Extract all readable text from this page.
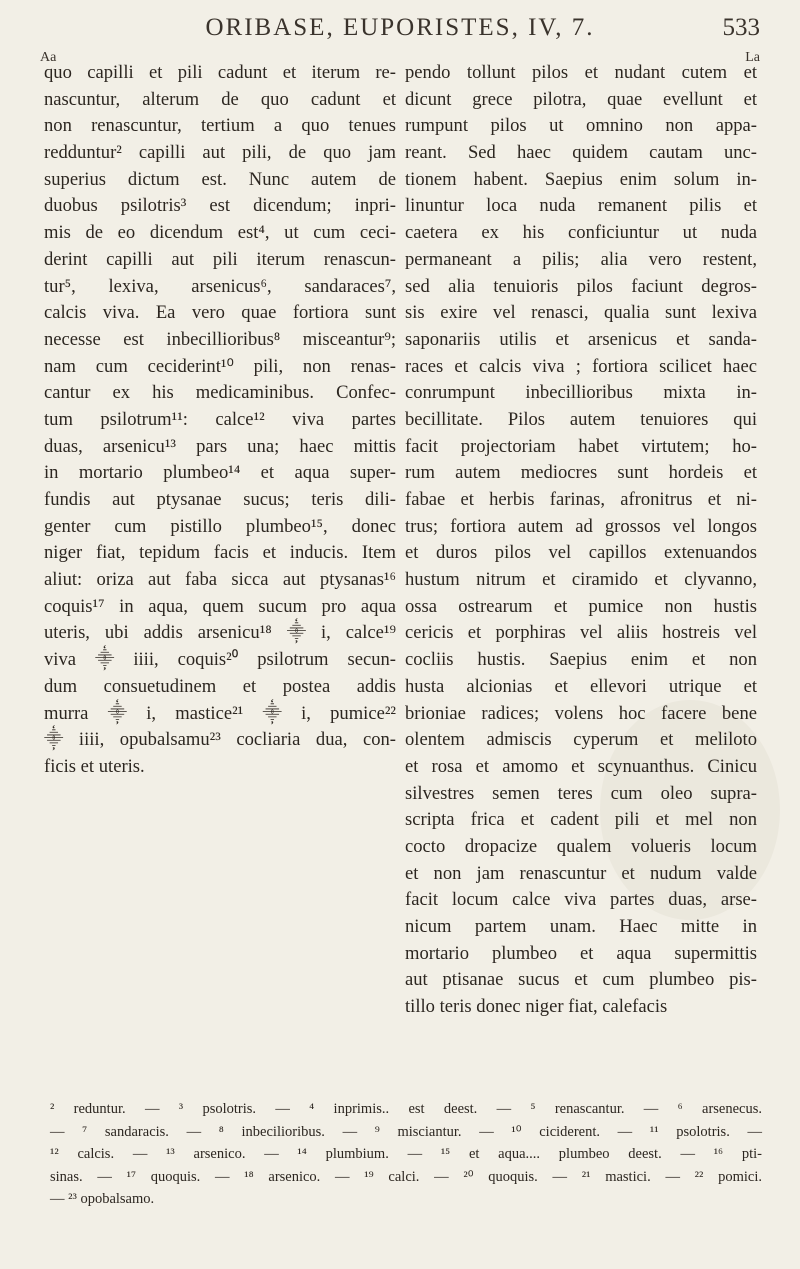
ORIBASE, EUPORISTES, IV, 7.	533
Aa	La
quo capilli et pili cadunt et iterum re-
nascuntur, alterum de quo cadunt et
non renascuntur, tertium a quo tenues
redduntur² capilli aut pili, de quo jam
superius dictum est. Nunc autem de
duobus psilotris³ est dicendum; inpri-
mis de eo dicendum est⁴, ut cum ceci-
derint capilli aut pili iterum renascun-
tur⁵, lexiva, arsenicus⁶, sandaraces⁷,
calcis viva. Ea vero quae fortiora sunt
necesse est inbecillioribus⁸ misceantur⁹;
nam cum ceciderint¹⁰ pili, non renas-
cantur ex his medicaminibus. Confec-
tum psilotrum¹¹: calce¹² viva partes
duas, arsenicu¹³ pars una; haec mittis
in mortario plumbeo¹⁴ et aqua super-
fundis aut ptysanae sucus; teris dili-
genter cum pistillo plumbeo¹⁵, donec
niger fiat, tepidum facis et inducis. Item
aliut: oriza aut faba sicca aut ptysanas¹⁶
coquis¹⁷ in aqua, quem sucum pro aqua
uteris, ubi addis arsenicu¹⁸ ⸎ i, calce¹⁹
viva ⸎ iiii, coquis²⁰ psilotrum secun-
dum consuetudinem et postea addis
murra ⸎ i, mastice²¹ ⸎ i, pumice²²
⸎ iiii, opubalsamu²³ cocliaria dua, con-
ficis et uteris.
pendo tollunt pilos et nudant cutem et
dicunt grece pilotra, quae evellunt et
rumpunt pilos ut omnino non appa-
reant. Sed haec quidem cautam unc-
tionem habent. Saepius enim solum in-
linuntur loca nuda remanent pilis et
caetera ex his conficiuntur ut nuda
permaneant a pilis; alia vero restent,
sed alia tenuioris pilos faciunt degros-
sis exire vel renasci, qualia sunt lexiva
saponariis utilis et arsenicus et sanda-
races et calcis viva ; fortiora scilicet haec
conrumpunt inbecillioribus mixta in-
becillitate. Pilos autem tenuiores qui
facit projectoriam habet virtutem; ho-
rum autem mediocres sunt hordeis et
fabae et herbis farinas, afronitrus et ni-
trus; fortiora autem ad grossos vel longos
et duros pilos vel capillos extenuandos
hustum nitrum et ciramido et clyvanno,
ossa ostrearum et pumice non hustis
cericis et porphiras vel aliis hostreis vel
cocliis hustis. Saepius enim et non
husta alcionias et ellevori utrique et
brioniae radices; volens hoc facere bene
olentem admiscis cyperum et meliloto
et rosa et amomo et scynuanthus. Cinicu
silvestres semen teres cum oleo supra-
scripta frica et cadent pili et mel non
cocto dropacize qualem volueris locum
et non jam renascuntur et nudum valde
facit locum calce viva partes duas, arse-
nicum partem unam. Haec mitte in
mortario plumbeo et aqua supermittis
aut ptisanae sucus et cum plumbeo pis-
tillo teris donec niger fiat, calefacis
² reduntur. — ³ psolotris. — ⁴ inprimis.. est deest. — ⁵ renascantur. — ⁶ arsenecus.
— ⁷ sandaracis. — ⁸ inbecilioribus. — ⁹ misciantur. — ¹⁰ ciciderent. — ¹¹ psolotris. —
¹² calcis. — ¹³ arsenico. — ¹⁴ plumbium. — ¹⁵ et aqua.... plumbeo deest. — ¹⁶ pti-
sinas. — ¹⁷ quoquis. — ¹⁸ arsenico. — ¹⁹ calci. — ²⁰ quoquis. — ²¹ mastici. — ²² pomici.
— ²³ opobalsamo.
